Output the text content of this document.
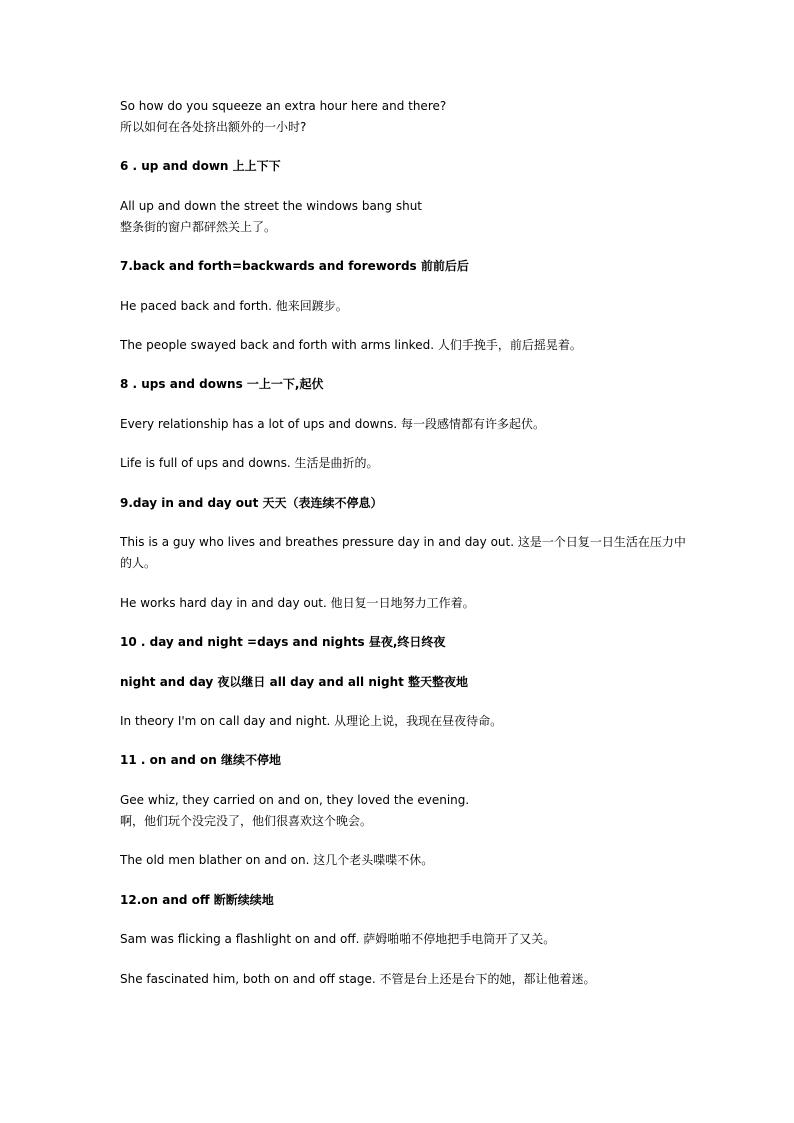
So how do you squeeze an extra hour here and there?
所以如何在各处挤出额外的一小时?
6 . up and down 上上下下
All up and down the street the windows bang shut
整条街的窗户都砰然关上了。
7.back and forth=backwards and forewords 前前后后
He paced back and forth. 他来回踱步。
The people swayed back and forth with arms linked. 人们手挽手，前后摇晃着。
8 . ups and downs 一上一下,起伏
Every relationship has a lot of ups and downs. 每一段感情都有许多起伏。
Life is full of ups and downs. 生活是曲折的。
9.day in and day out 天天（表连续不停息）
This is a guy who lives and breathes pressure day in and day out. 这是一个日复一日生活在压力中
的人。
He works hard day in and day out. 他日复一日地努力工作着。
10 . day and night =days and nights 昼夜,终日终夜
night and day 夜以继日 all day and all night 整天整夜地
In theory I'm on call day and night. 从理论上说，我现在昼夜待命。
11 . on and on 继续不停地
Gee whiz, they carried on and on, they loved the evening.
啊，他们玩个没完没了，他们很喜欢这个晚会。
The old men blather on and on. 这几个老头喋喋不休。
12.on and off 断断续续地
Sam was flicking a flashlight on and off. 萨姆啪啪不停地把手电筒开了又关。
She fascinated him, both on and off stage. 不管是台上还是台下的她，都让他着迷。
